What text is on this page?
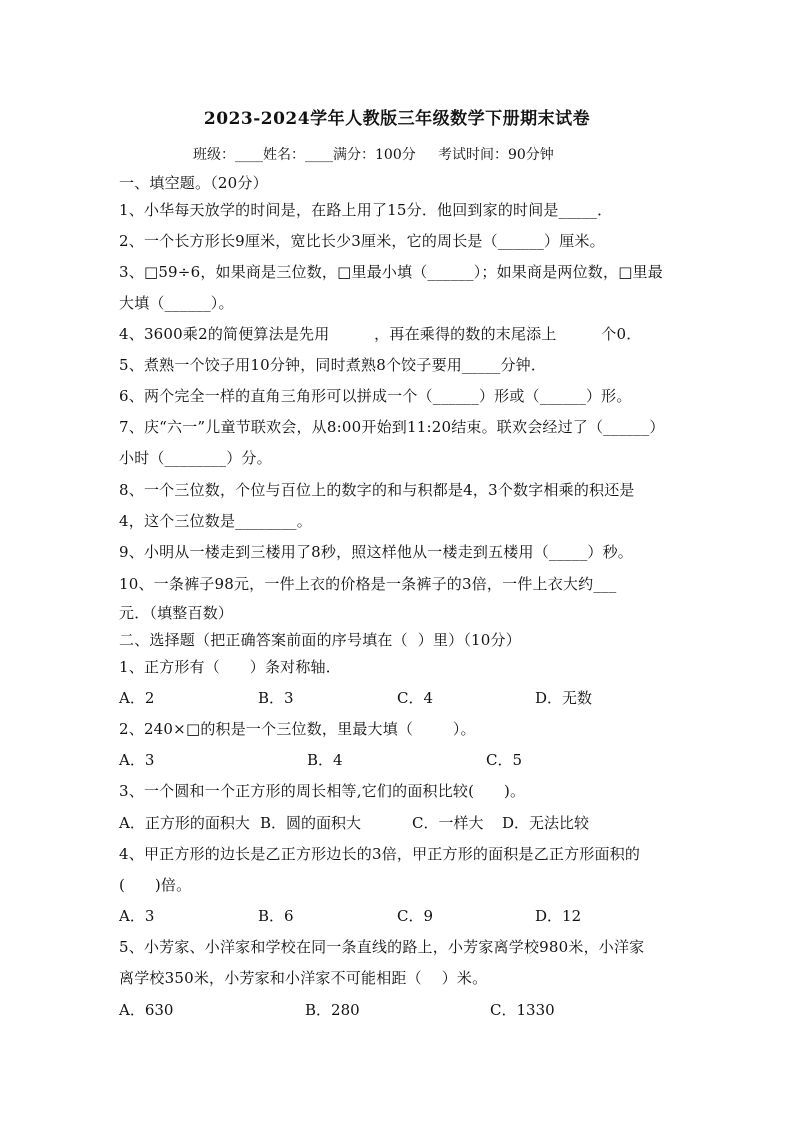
2023-2024学年人教版三年级数学下册期末试卷
班级：____姓名：____满分：100分     考试时间：90分钟
一、填空题。（20分）
1、小华每天放学的时间是，在路上用了15分．他回到家的时间是_____．
2、一个长方形长9厘米，宽比长少3厘米，它的周长是（______）厘米。
3、□59÷6，如果商是三位数，□里最小填（______）；如果商是两位数，□里最
大填（______）。
4、3600乘2的简便算法是先用         ，再在乘得的数的末尾添上         个0．
5、煮熟一个饺子用10分钟，同时煮熟8个饺子要用_____分钟．
6、两个完全一样的直角三角形可以拼成一个（______）形或（______）形。
7、庆“六一”儿童节联欢会，从8:00开始到11:20结束。联欢会经过了（______）
小时（________）分。
8、一个三位数，个位与百位上的数字的和与积都是4，3个数字相乘的积还是
4，这个三位数是________。
9、小明从一楼走到三楼用了8秒，照这样他从一楼走到五楼用（_____）秒。
10、一条裤子98元，一件上衣的价格是一条裤子的3倍，一件上衣大约___
元．（填整百数）
二、选择题（把正确答案前面的序号填在（  ）里）（10分）
1、正方形有（      ）条对称轴．
A．2	B．3	C．4	D．无数
2、240×□的积是一个三位数，里最大填（        ）。
A．3	B．4	C．5
3、一个圆和一个正方形的周长相等,它们的面积比较(      )。
A．正方形的面积大 B．圆的面积大	C．一样大 D．无法比较
4、甲正方形的边长是乙正方形边长的3倍，甲正方形的面积是乙正方形面积的
(      )倍。
A．3	B．6	C．9	D．12
5、小芳家、小洋家和学校在同一条直线的路上，小芳家离学校980米，小洋家
离学校350米，小芳家和小洋家不可能相距（    ）米。
A．630	B．280	C．1330
